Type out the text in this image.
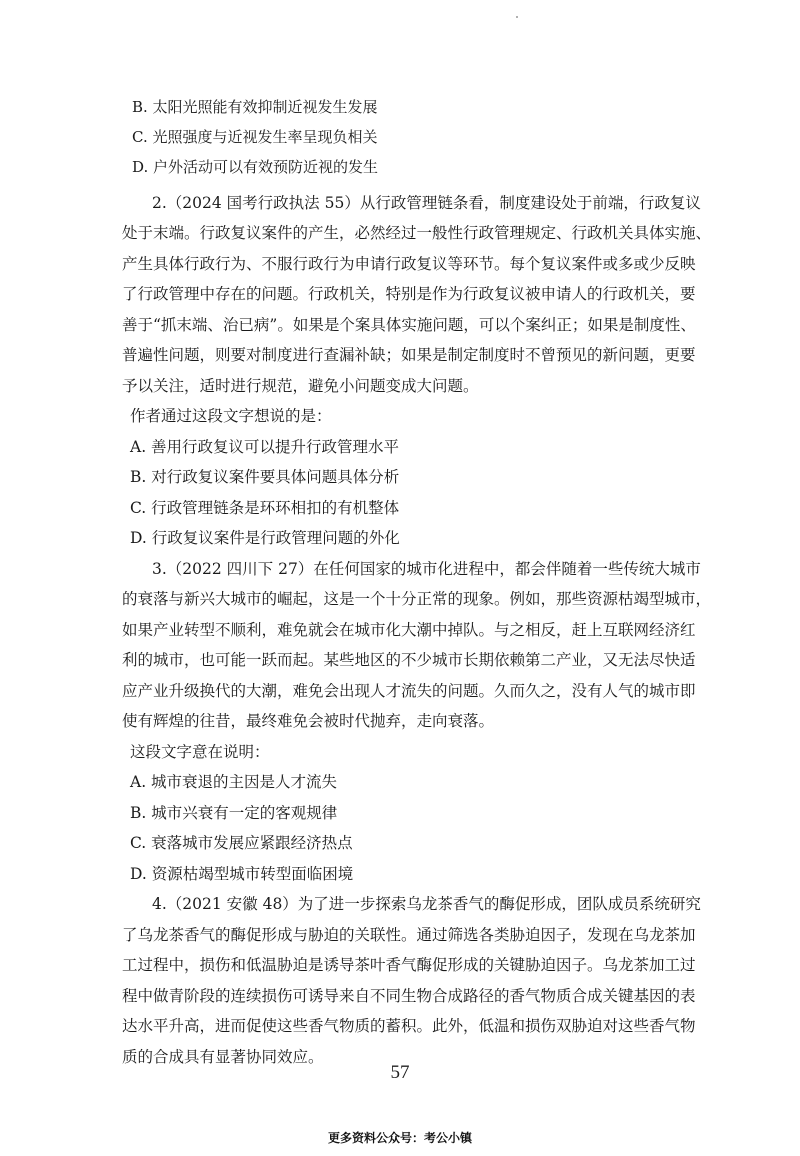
B. 太阳光照能有效抑制近视发生发展

C. 光照强度与近视发生率呈现负相关

D. 户外活动可以有效预防近视的发生

2.（2024 国考行政执法 55）从行政管理链条看，制度建设处于前端，行政复议

处于末端。行政复议案件的产生，必然经过一般性行政管理规定、行政机关具体实施、

产生具体行政行为、不服行政行为申请行政复议等环节。每个复议案件或多或少反映

了行政管理中存在的问题。行政机关，特别是作为行政复议被申请人的行政机关，要

善于“抓末端、治已病”。如果是个案具体实施问题，可以个案纠正；如果是制度性、

普遍性问题，则要对制度进行查漏补缺；如果是制定制度时不曾预见的新问题，更要

予以关注，适时进行规范，避免小问题变成大问题。

作者通过这段文字想说的是：

A. 善用行政复议可以提升行政管理水平

B. 对行政复议案件要具体问题具体分析

C. 行政管理链条是环环相扣的有机整体

D. 行政复议案件是行政管理问题的外化

3.（2022 四川下 27）在任何国家的城市化进程中，都会伴随着一些传统大城市

的衰落与新兴大城市的崛起，这是一个十分正常的现象。例如，那些资源枯竭型城市，

如果产业转型不顺利，难免就会在城市化大潮中掉队。与之相反，赶上互联网经济红

利的城市，也可能一跃而起。某些地区的不少城市长期依赖第二产业，又无法尽快适

应产业升级换代的大潮，难免会出现人才流失的问题。久而久之，没有人气的城市即

使有辉煌的往昔，最终难免会被时代抛弃，走向衰落。

这段文字意在说明：

A. 城市衰退的主因是人才流失

B. 城市兴衰有一定的客观规律

C. 衰落城市发展应紧跟经济热点

D. 资源枯竭型城市转型面临困境

4.（2021 安徽 48）为了进一步探索乌龙茶香气的酶促形成，团队成员系统研究

了乌龙茶香气的酶促形成与胁迫的关联性。通过筛选各类胁迫因子，发现在乌龙茶加

工过程中，损伤和低温胁迫是诱导茶叶香气酶促形成的关键胁迫因子。乌龙茶加工过

程中做青阶段的连续损伤可诱导来自不同生物合成路径的香气物质合成关键基因的表

达水平升高，进而促使这些香气物质的蓄积。此外，低温和损伤双胁迫对这些香气物

质的合成具有显著协同效应。

57
更多资料公众号：考公小镇
